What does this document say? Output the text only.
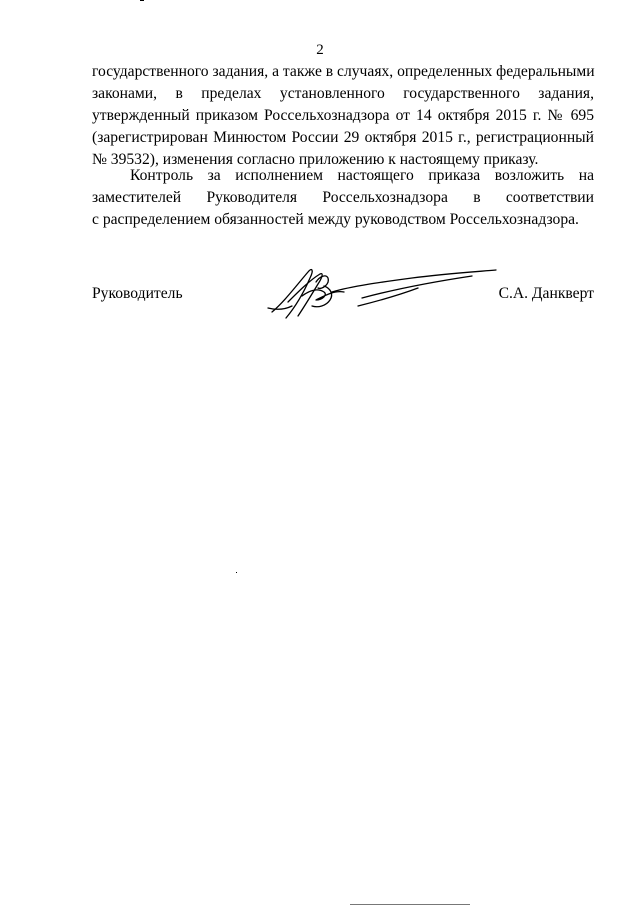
2
государственного задания, а также в случаях, определенных федеральными
законами, в пределах установленного государственного задания,
утвержденный приказом Россельхознадзора от 14 октября 2015 г. № 695
(зарегистрирован Минюстом России 29 октября 2015 г., регистрационный
№ 39532), изменения согласно приложению к настоящему приказу.
Контроль за исполнением настоящего приказа возложить на
заместителей Руководителя Россельхознадзора в соответствии
с распределением обязанностей между руководством Россельхознадзора.
Руководитель	С.А. Данкверт
